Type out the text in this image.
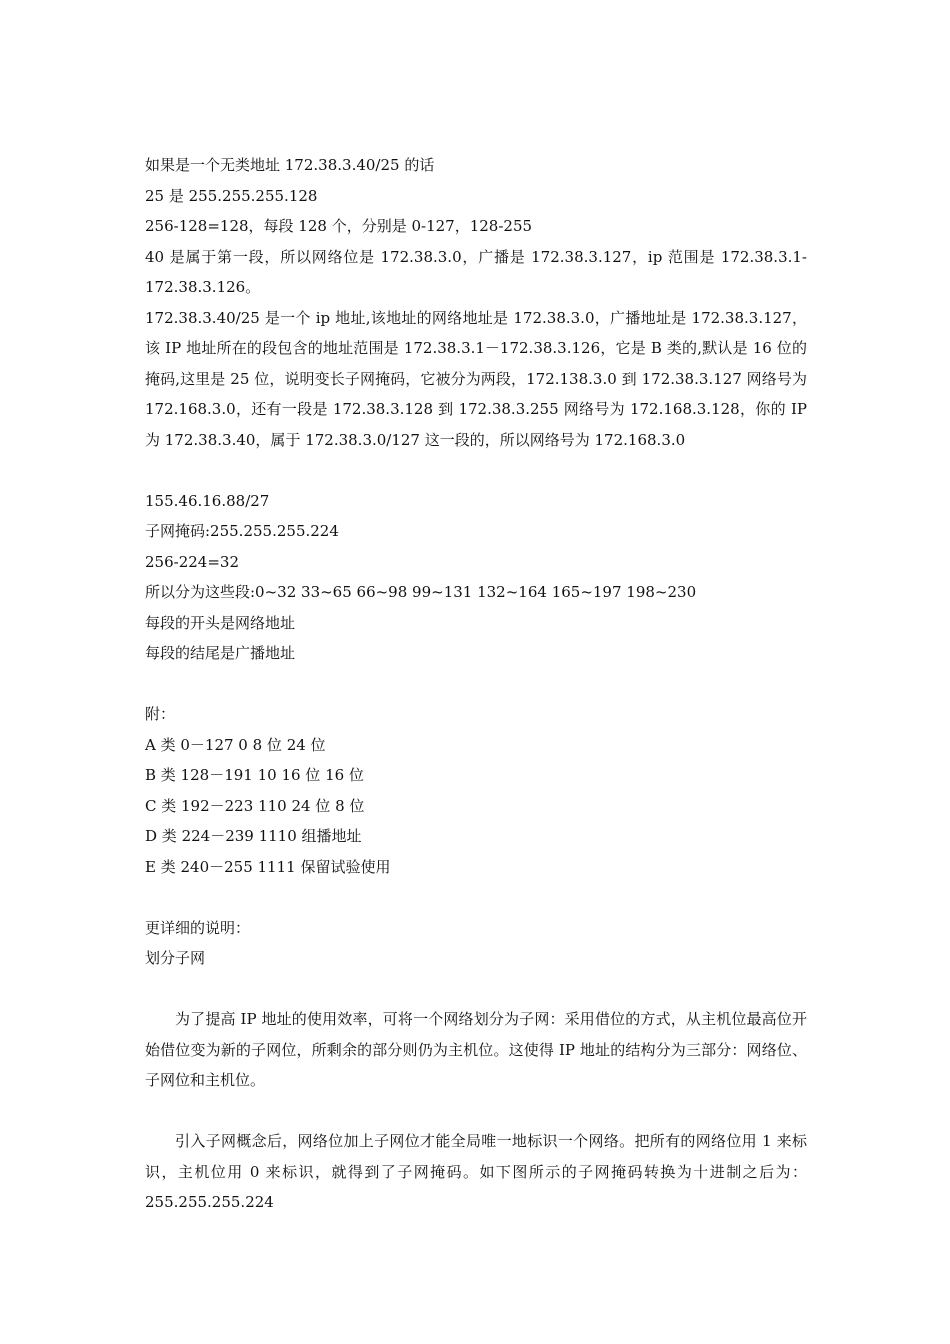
如果是一个无类地址 172.38.3.40/25 的话

25 是 255.255.255.128

256-128=128，每段 128 个，分别是 0-127，128-255

40 是属于第一段，所以网络位是 172.38.3.0，广播是 172.38.3.127，ip 范围是 172.38.3.1-172.38.3.126。

172.38.3.40/25 是一个 ip 地址,该地址的网络地址是 172.38.3.0，广播地址是 172.38.3.127，该 IP 地址所在的段包含的地址范围是 172.38.3.1－172.38.3.126，它是 B 类的,默认是 16 位的掩码,这里是 25 位，说明变长子网掩码，它被分为两段，172.138.3.0 到 172.38.3.127 网络号为 172.168.3.0，还有一段是 172.38.3.128 到 172.38.3.255 网络号为 172.168.3.128，你的 IP 为 172.38.3.40，属于 172.38.3.0/127 这一段的，所以网络号为 172.168.3.0

155.46.16.88/27

子网掩码:255.255.255.224

256-224=32

所以分为这些段:0~32 33~65 66~98 99~131 132~164 165~197 198~230

每段的开头是网络地址

每段的结尾是广播地址

附：

A 类 0－127 0 8 位 24 位

B 类 128－191 10 16 位 16 位

C 类 192－223 110 24 位 8 位

D 类 224－239 1110 组播地址

E 类 240－255 1111 保留试验使用

更详细的说明：

划分子网

为了提高 IP 地址的使用效率，可将一个网络划分为子网：采用借位的方式，从主机位最高位开始借位变为新的子网位，所剩余的部分则仍为主机位。这使得 IP 地址的结构分为三部分：网络位、子网位和主机位。

引入子网概念后，网络位加上子网位才能全局唯一地标识一个网络。把所有的网络位用 1 来标识，主机位用 0 来标识，就得到了子网掩码。如下图所示的子网掩码转换为十进制之后为：255.255.255.224
